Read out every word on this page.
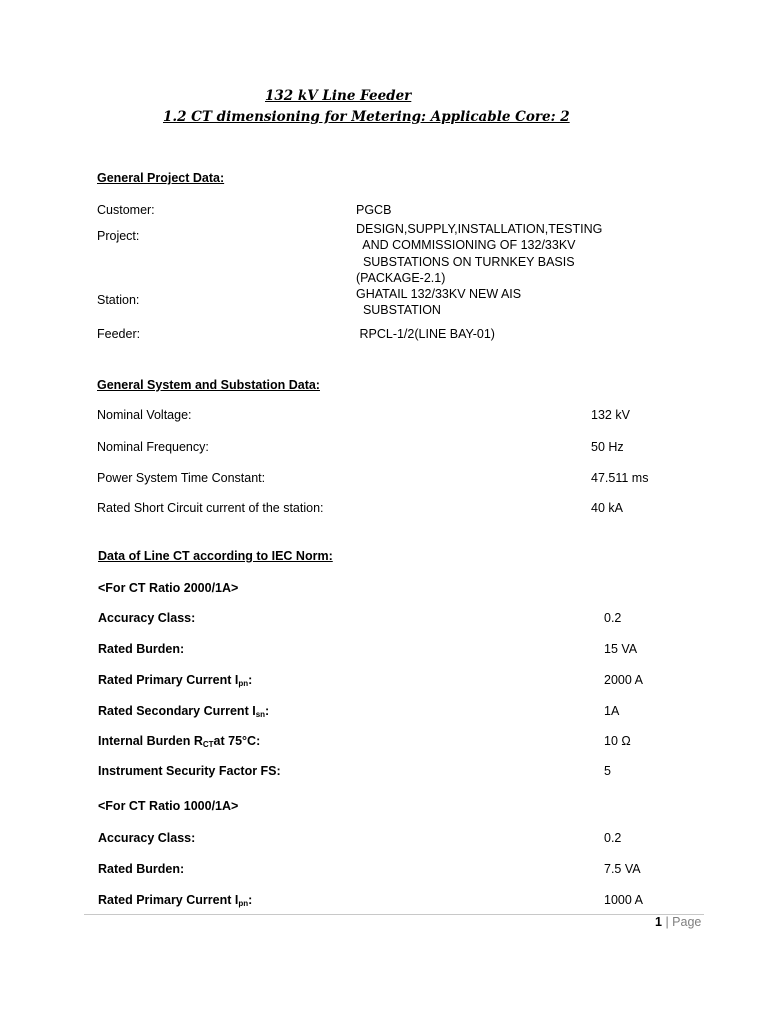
132 kV Line Feeder
1.2 CT dimensioning for Metering: Applicable Core: 2
General Project Data:
Customer:	PGCB
Project:	DESIGN,SUPPLY,INSTALLATION,TESTING
AND COMMISSIONING OF 132/33KV
SUBSTATIONS ON TURNKEY BASIS
(PACKAGE-2.1)
Station:	GHATAIL 132/33KV NEW AIS
SUBSTATION
Feeder:	RPCL-1/2(LINE BAY-01)
General System and Substation Data:
Nominal Voltage:	132 kV
Nominal Frequency:	50 Hz
Power System Time Constant:	47.511 ms
Rated Short Circuit current of the station:	40 kA
Data of Line CT according to IEC Norm:
<For CT Ratio 2000/1A>
Accuracy Class:	0.2
Rated Burden:	15 VA
Rated Primary Current $I_{pn}$:	2000 A
Rated Secondary Current $I_{sn}$:	1A
Internal Burden $R_{CT}at$ 75°C:	10 Ω
Instrument Security Factor FS:	5
<For CT Ratio 1000/1A>
Accuracy Class:	0.2
Rated Burden:	7.5 VA
Rated Primary Current $I_{pn}$:	1000 A
1 | Page
